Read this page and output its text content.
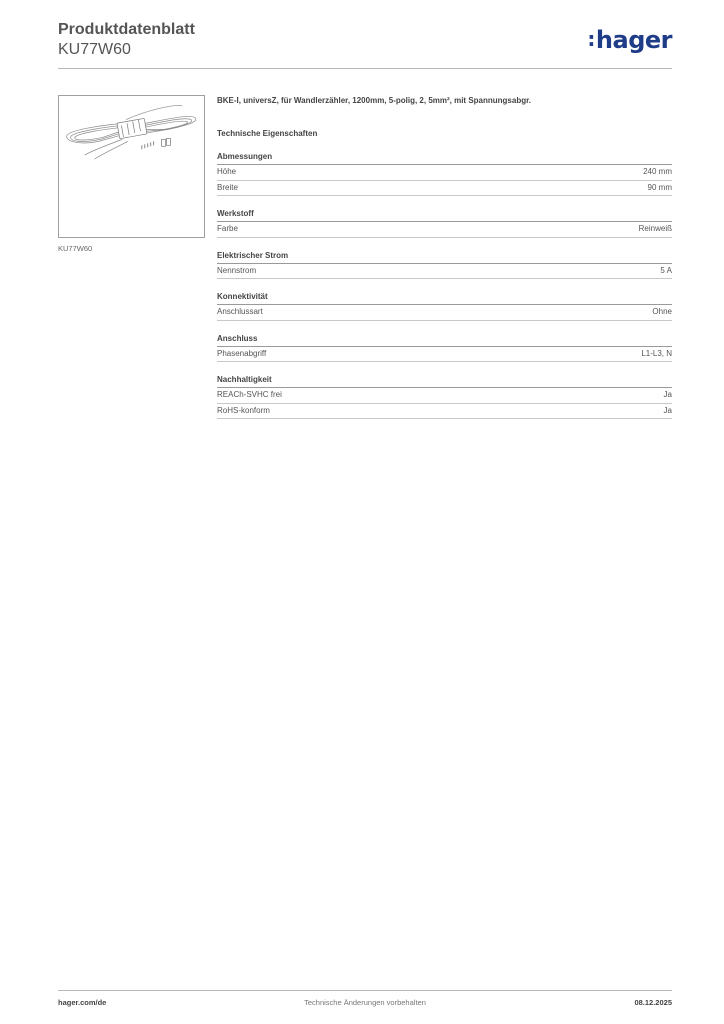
Produktdatenblatt
KU77W60	:hager
KU77W60
BKE-I, universZ, für Wandlerzähler, 1200mm, 5-polig, 2, 5mm², mit Spannungsabgr.
Technische Eigenschaften
Abmessungen
Höhe	240 mm
Breite	90 mm
Werkstoff
Farbe	Reinweiß
Elektrischer Strom
Nennstrom	5 A
Konnektivität
Anschlussart	Ohne
Anschluss
Phasenabgriff	L1-L3, N
Nachhaltigkeit
REACh-SVHC frei	Ja
RoHS-konform	Ja
hager.com/de	Technische Änderungen vorbehalten	08.12.2025
